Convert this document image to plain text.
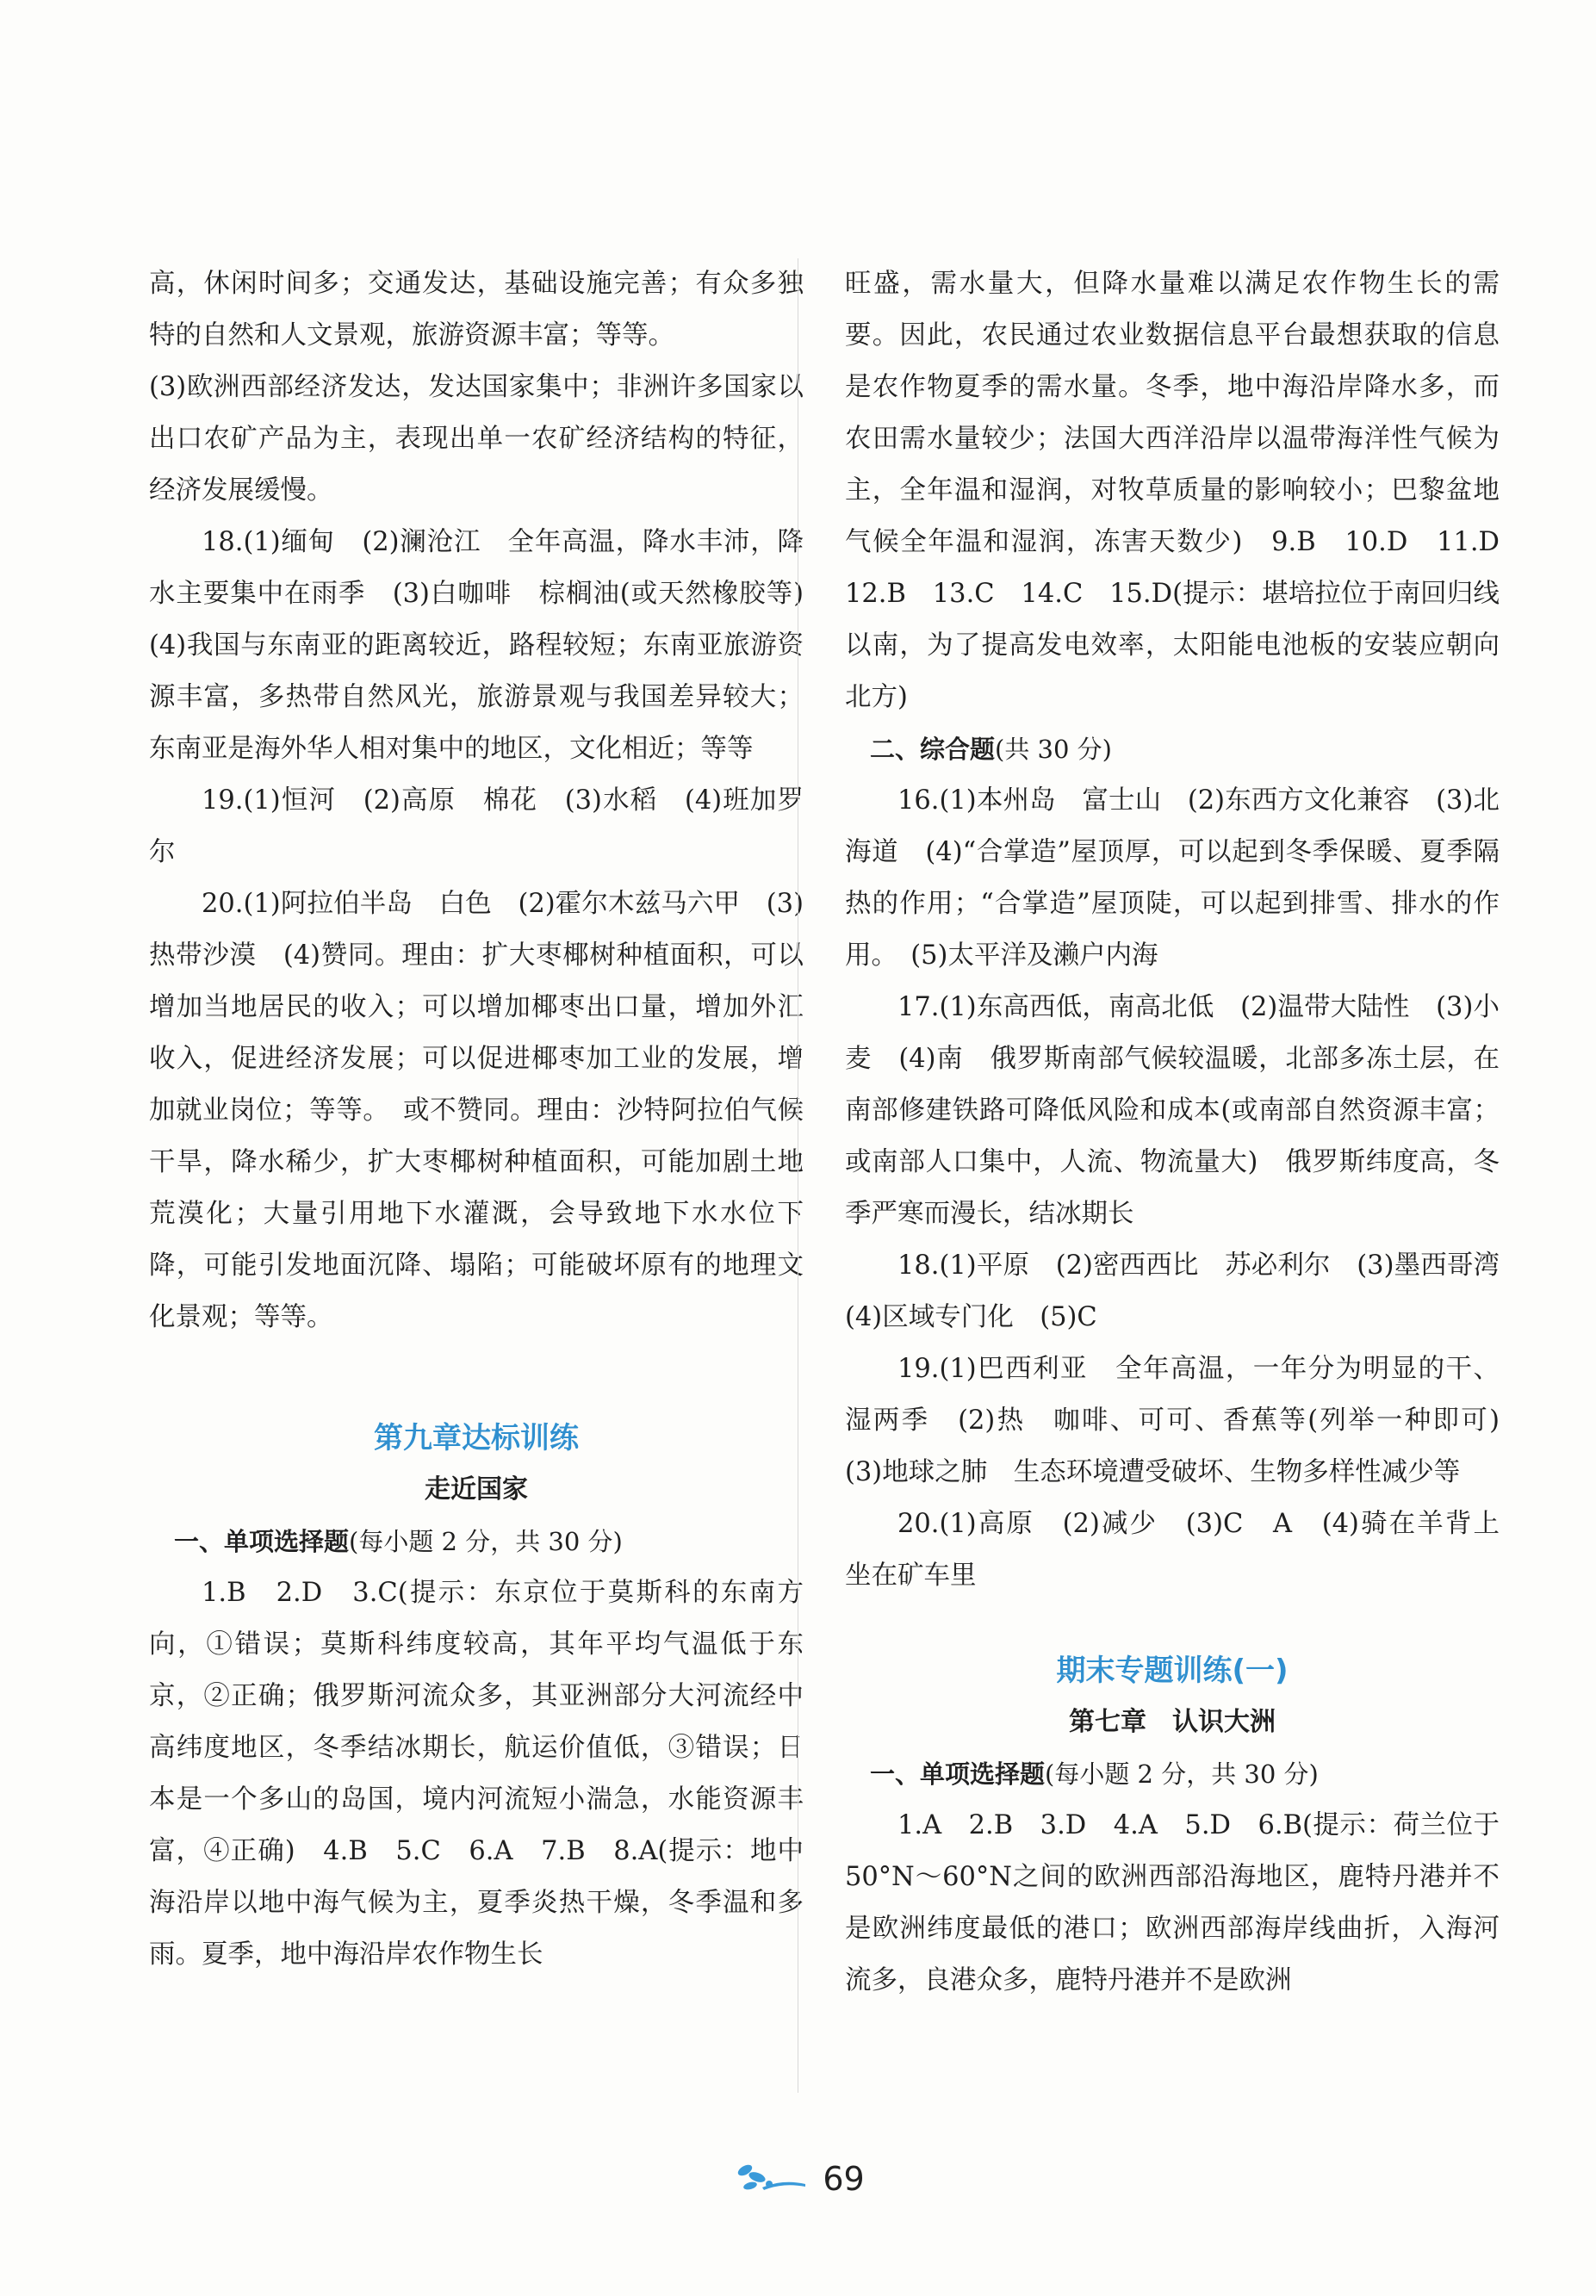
高，休闲时间多；交通发达，基础设施完善；有众多独特的自然和人文景观，旅游资源丰富；等等。

(3)欧洲西部经济发达，发达国家集中；非洲许多国家以出口农矿产品为主，表现出单一农矿经济结构的特征，经济发展缓慢。

18.(1)缅甸　(2)澜沧江　全年高温，降水丰沛，降水主要集中在雨季　(3)白咖啡　棕榈油(或天然橡胶等)　(4)我国与东南亚的距离较近，路程较短；东南亚旅游资源丰富，多热带自然风光，旅游景观与我国差异较大；东南亚是海外华人相对集中的地区，文化相近；等等

19.(1)恒河　(2)高原　棉花　(3)水稻　(4)班加罗尔

20.(1)阿拉伯半岛　白色　(2)霍尔木兹马六甲　(3)热带沙漠　(4)赞同。理由：扩大枣椰树种植面积，可以增加当地居民的收入；可以增加椰枣出口量，增加外汇收入，促进经济发展；可以促进椰枣加工业的发展，增加就业岗位；等等。　或不赞同。理由：沙特阿拉伯气候干旱，降水稀少，扩大枣椰树种植面积，可能加剧土地荒漠化；大量引用地下水灌溉，会导致地下水水位下降，可能引发地面沉降、塌陷；可能破坏原有的地理文化景观；等等。

第九章达标训练
走近国家

一、单项选择题(每小题 2 分，共 30 分)

1.B　2.D　3.C(提示：东京位于莫斯科的东南方向，①错误；莫斯科纬度较高，其年平均气温低于东京，②正确；俄罗斯河流众多，其亚洲部分大河流经中高纬度地区，冬季结冰期长，航运价值低，③错误；日本是一个多山的岛国，境内河流短小湍急，水能资源丰富，④正确)　4.B　5.C　6.A　7.B　8.A(提示：地中海沿岸以地中海气候为主，夏季炎热干燥，冬季温和多雨。夏季，地中海沿岸农作物生长

旺盛，需水量大，但降水量难以满足农作物生长的需要。因此，农民通过农业数据信息平台最想获取的信息是农作物夏季的需水量。冬季，地中海沿岸降水多，而农田需水量较少；法国大西洋沿岸以温带海洋性气候为主，全年温和湿润，对牧草质量的影响较小；巴黎盆地气候全年温和湿润，冻害天数少)　9.B　10.D　11.D　12.B　13.C　14.C　15.D(提示：堪培拉位于南回归线以南，为了提高发电效率，太阳能电池板的安装应朝向北方)

二、综合题(共 30 分)

16.(1)本州岛　富士山　(2)东西方文化兼容　(3)北海道　(4)“合掌造”屋顶厚，可以起到冬季保暖、夏季隔热的作用；“合掌造”屋顶陡，可以起到排雪、排水的作用。　(5)太平洋及濑户内海

17.(1)东高西低，南高北低　(2)温带大陆性　(3)小麦　(4)南　俄罗斯南部气候较温暖，北部多冻土层，在南部修建铁路可降低风险和成本(或南部自然资源丰富；或南部人口集中，人流、物流量大)　俄罗斯纬度高，冬季严寒而漫长，结冰期长

18.(1)平原　(2)密西西比　苏必利尔　(3)墨西哥湾　(4)区域专门化　(5)C

19.(1)巴西利亚　全年高温，一年分为明显的干、湿两季　(2)热　咖啡、可可、香蕉等(列举一种即可)　(3)地球之肺　生态环境遭受破坏、生物多样性减少等

20.(1)高原　(2)减少　(3)C　A　(4)骑在羊背上　坐在矿车里

期末专题训练(一)
第七章　认识大洲

一、单项选择题(每小题 2 分，共 30 分)

1.A　2.B　3.D　4.A　5.D　6.B(提示：荷兰位于50°N～60°N之间的欧洲西部沿海地区，鹿特丹港并不是欧洲纬度最低的港口；欧洲西部海岸线曲折，入海河流多，良港众多，鹿特丹港并不是欧洲

69
